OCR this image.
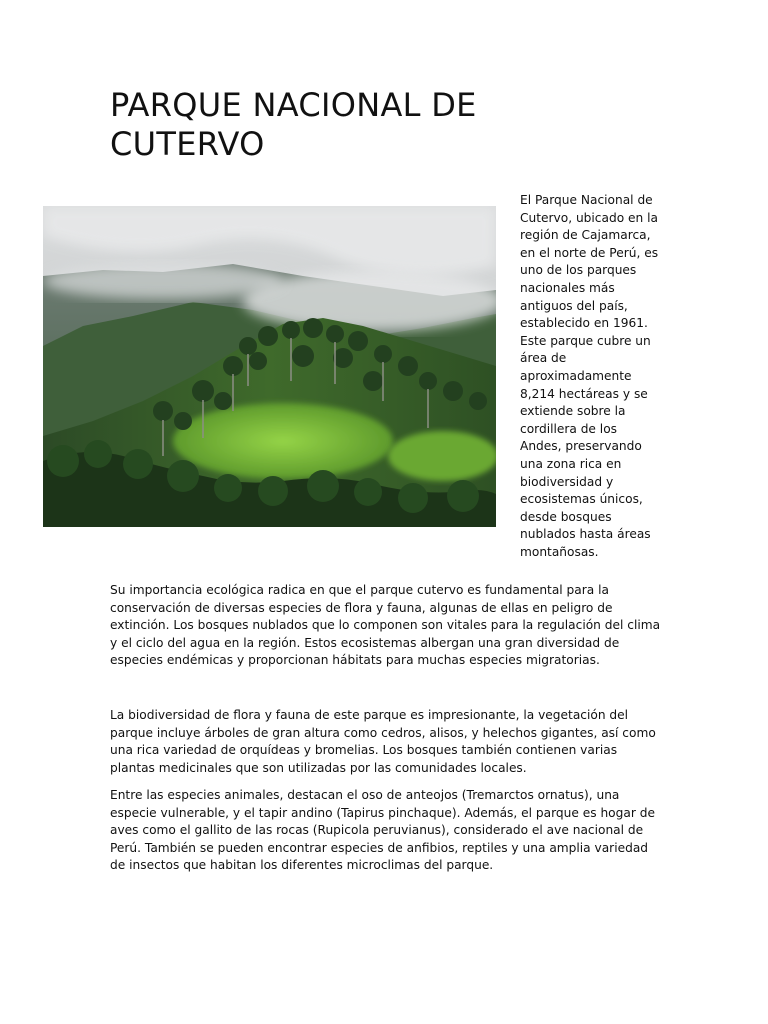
PARQUE NACIONAL DE CUTERVO

El Parque Nacional de Cutervo, ubicado en la región de Cajamarca, en el norte de Perú, es uno de los parques nacionales más antiguos del país, establecido en 1961. Este parque cubre un área de aproximadamente 8,214 hectáreas y se extiende sobre la cordillera de los Andes, preservando una zona rica en biodiversidad y ecosistemas únicos, desde bosques nublados hasta áreas montañosas.

Su importancia ecológica radica en que el parque cutervo es fundamental para la conservación de diversas especies de flora y fauna, algunas de ellas en peligro de extinción. Los bosques nublados que lo componen son vitales para la regulación del clima y el ciclo del agua en la región. Estos ecosistemas albergan una gran diversidad de especies endémicas y proporcionan hábitats para muchas especies migratorias.

La biodiversidad de flora y fauna de este parque es impresionante, la vegetación del parque incluye árboles de gran altura como cedros, alisos, y helechos gigantes, así como una rica variedad de orquídeas y bromelias. Los bosques también contienen varias plantas medicinales que son utilizadas por las comunidades locales.

Entre las especies animales, destacan el oso de anteojos (Tremarctos ornatus), una especie vulnerable, y el tapir andino (Tapirus pinchaque). Además, el parque es hogar de aves como el gallito de las rocas (Rupicola peruvianus), considerado el ave nacional de Perú. También se pueden encontrar especies de anfibios, reptiles y una amplia variedad de insectos que habitan los diferentes microclimas del parque.
